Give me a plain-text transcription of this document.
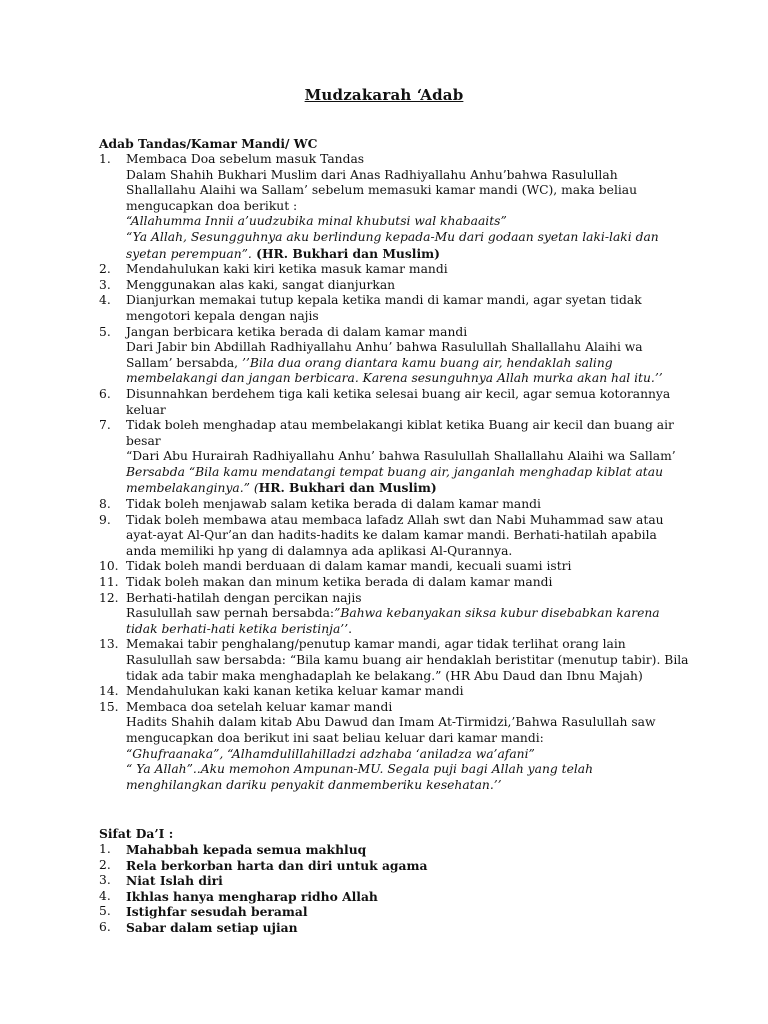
Mudzakarah ‘Adab
Adab Tandas/Kamar Mandi/ WC
1.	Membaca Doa sebelum masuk Tandas
Dalam Shahih Bukhari Muslim dari Anas Radhiyallahu Anhu’bahwa Rasulullah Shallallahu Alaihi wa Sallam’ sebelum memasuki kamar mandi (WC), maka beliau mengucapkan doa berikut :
“Allahumma Innii a’uudzubika minal khubutsi wal khabaaits”
“Ya Allah, Sesungguhnya aku berlindung kepada-Mu dari godaan syetan laki-laki dan syetan perempuan”. (HR. Bukhari dan Muslim)
2.	Mendahulukan kaki kiri ketika masuk kamar mandi
3.	Menggunakan alas kaki, sangat dianjurkan
4.	Dianjurkan memakai tutup kepala ketika mandi di kamar mandi, agar syetan tidak mengotori kepala dengan najis
5.	Jangan berbicara ketika berada di dalam kamar mandi
Dari Jabir bin Abdillah Radhiyallahu Anhu’ bahwa Rasulullah Shallallahu Alaihi wa Sallam’ bersabda, ’’Bila dua orang diantara kamu buang air, hendaklah saling membelakangi dan jangan berbicara. Karena sesunguhnya Allah murka akan hal itu.’’
6.	Disunnahkan berdehem tiga kali ketika selesai buang air kecil, agar semua kotorannya keluar
7.	Tidak boleh menghadap atau membelakangi kiblat ketika Buang air kecil dan buang air besar
“Dari Abu Hurairah Radhiyallahu Anhu’ bahwa Rasulullah Shallallahu Alaihi wa Sallam’ Bersabda “Bila kamu mendatangi tempat buang air, janganlah menghadap kiblat atau membelakanginya.” (HR. Bukhari dan Muslim)
8.	Tidak boleh menjawab salam ketika berada di dalam kamar mandi
9.	Tidak boleh membawa atau membaca lafadz Allah swt dan Nabi Muhammad saw atau ayat-ayat Al-Qur’an dan hadits-hadits ke dalam kamar mandi. Berhati-hatilah apabila anda memiliki hp yang di dalamnya ada aplikasi Al-Qurannya.
10. Tidak boleh mandi berduaan di dalam kamar mandi, kecuali suami istri
11. Tidak boleh makan dan minum ketika berada di dalam kamar mandi
12. Berhati-hatilah dengan percikan najis
Rasulullah saw pernah bersabda:”Bahwa kebanyakan siksa kubur disebabkan karena tidak berhati-hati ketika beristinja’’.
13. Memakai tabir penghalang/penutup kamar mandi, agar tidak terlihat orang lain
Rasulullah saw bersabda: “Bila kamu buang air hendaklah beristitar (menutup tabir). Bila tidak ada tabir maka menghadaplah ke belakang.” (HR Abu Daud dan Ibnu Majah)
14. Mendahulukan kaki kanan ketika keluar kamar mandi
15. Membaca doa setelah keluar kamar mandi
Hadits Shahih dalam kitab Abu Dawud dan Imam At-Tirmidzi,’Bahwa Rasulullah saw mengucapkan doa berikut ini saat beliau keluar dari kamar mandi:
“Ghufraanaka”, “Alhamdulillahilladzi adzhaba ‘aniladza wa’afani”
“ Ya Allah”..Aku memohon Ampunan-MU. Segala puji bagi Allah yang telah menghilangkan dariku penyakit danmemberiku kesehatan.’’
Sifat Da’I :
1.	Mahabbah kepada semua makhluq
2.	Rela berkorban harta dan diri untuk agama
3.	Niat Islah diri
4.	Ikhlas hanya mengharap ridho Allah
5.	Istighfar sesudah beramal
6.	Sabar dalam setiap ujian
